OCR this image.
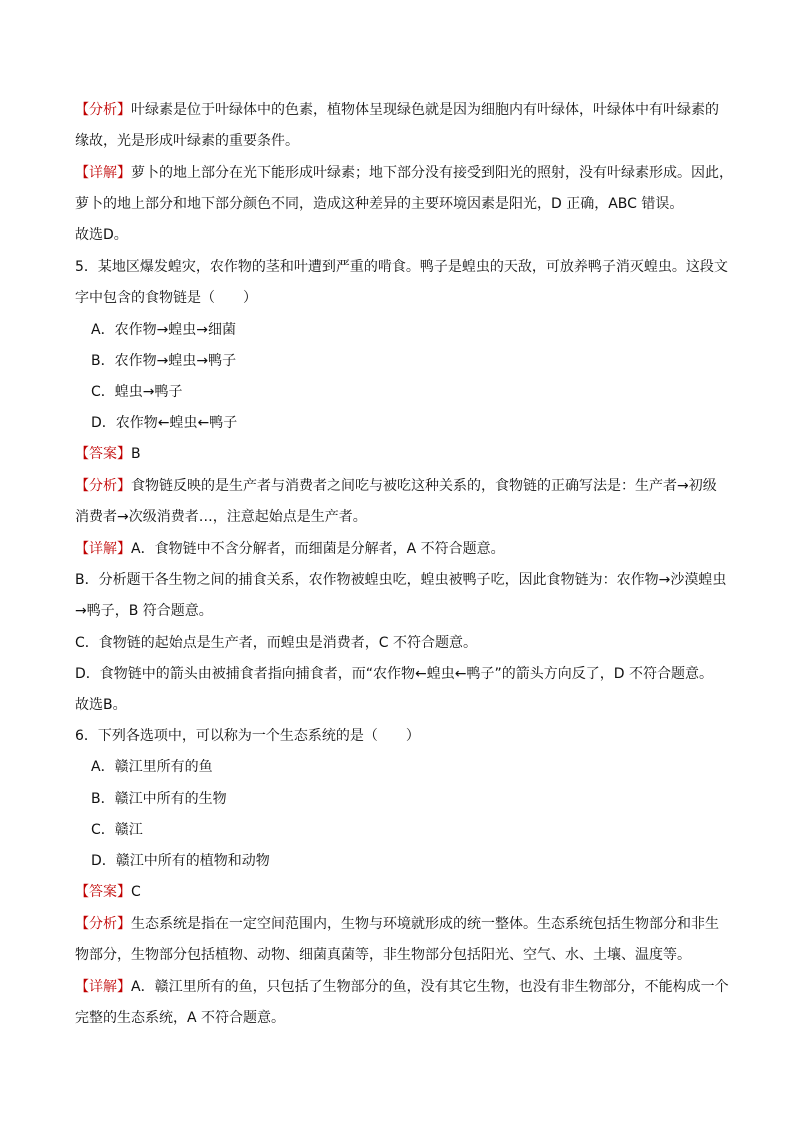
【分析】叶绿素是位于叶绿体中的色素，植物体呈现绿色就是因为细胞内有叶绿体，叶绿体中有叶绿素的
缘故，光是形成叶绿素的重要条件。
【详解】萝卜的地上部分在光下能形成叶绿素；地下部分没有接受到阳光的照射，没有叶绿素形成。因此，
萝卜的地上部分和地下部分颜色不同，造成这种差异的主要环境因素是阳光，D 正确，ABC 错误。
故选D。
5．某地区爆发蝗灾，农作物的茎和叶遭到严重的啃食。鸭子是蝗虫的天敌，可放养鸭子消灭蝗虫。这段文
字中包含的食物链是（　　）
A．农作物→蝗虫→细菌
B．农作物→蝗虫→鸭子
C．蝗虫→鸭子
D．农作物←蝗虫←鸭子
【答案】B
【分析】食物链反映的是生产者与消费者之间吃与被吃这种关系的，食物链的正确写法是：生产者→初级
消费者→次级消费者…，注意起始点是生产者。
【详解】A．食物链中不含分解者，而细菌是分解者，A 不符合题意。
B．分析题干各生物之间的捕食关系，农作物被蝗虫吃，蝗虫被鸭子吃，因此食物链为：农作物→沙漠蝗虫
→鸭子，B 符合题意。
C．食物链的起始点是生产者，而蝗虫是消费者，C 不符合题意。
D．食物链中的箭头由被捕食者指向捕食者，而“农作物←蝗虫←鸭子”的箭头方向反了，D 不符合题意。
故选B。
6．下列各选项中，可以称为一个生态系统的是（　　）
A．赣江里所有的鱼
B．赣江中所有的生物
C．赣江
D．赣江中所有的植物和动物
【答案】C
【分析】生态系统是指在一定空间范围内，生物与环境就形成的统一整体。生态系统包括生物部分和非生
物部分，生物部分包括植物、动物、细菌真菌等，非生物部分包括阳光、空气、水、土壤、温度等。
【详解】A．赣江里所有的鱼，只包括了生物部分的鱼，没有其它生物，也没有非生物部分，不能构成一个
完整的生态系统，A 不符合题意。
